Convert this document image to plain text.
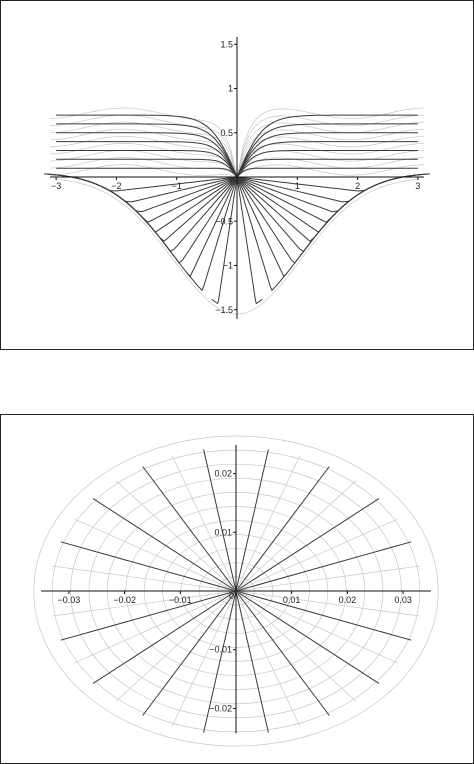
−3	−2	−1	1	2	3
0
−1.5
−1
−0.5
0.5
1
1.5
−0.03	−0.02	−0.01	0.01	0.02	0.03
0
−0.02
−0.01
0.01
0.02
